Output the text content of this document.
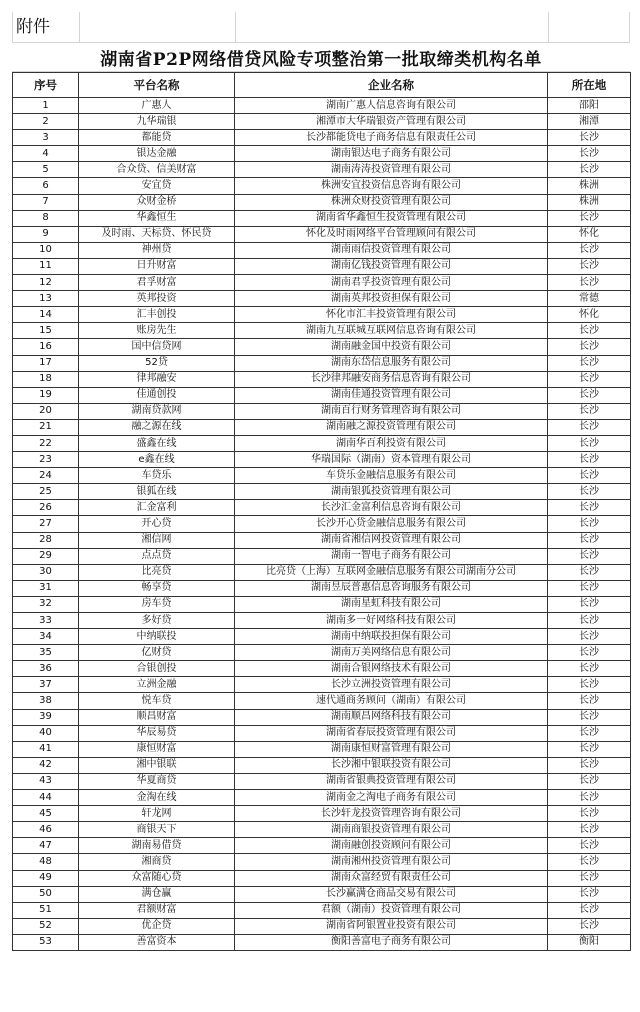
附件
湖南省P2P网络借贷风险专项整治第一批取缔类机构名单
序号	平台名称	企业名称	所在地
1	广惠人	湖南广惠人信息咨询有限公司	邵阳
2	九华瑞银	湘潭市大华瑞银资产管理有限公司	湘潭
3	都能贷	长沙都能贷电子商务信息有限责任公司	长沙
4	银达金融	湖南银达电子商务有限公司	长沙
5	合众贷、信美财富	湖南涛涛投资管理有限公司	长沙
6	安宜贷	株洲安宜投资信息咨询有限公司	株洲
7	众财金桥	株洲众财投资管理有限公司	株洲
8	华鑫恒生	湖南省华鑫恒生投资管理有限公司	长沙
9	及时雨、天标贷、怀民贷	怀化及时雨网络平台管理顾问有限公司	怀化
10	神州贷	湖南雨信投资管理有限公司	长沙
11	日升财富	湖南亿钱投资管理有限公司	长沙
12	君孚财富	湖南君孚投资管理有限公司	长沙
13	英邦投资	湖南英邦投资担保有限公司	常德
14	汇丰创投	怀化市汇丰投资管理有限公司	怀化
15	账房先生	湖南九互联城互联网信息咨询有限公司	长沙
16	国中信贷网	湖南融金国中投资有限公司	长沙
17	52贷	湖南东岱信息服务有限公司	长沙
18	律邦融安	长沙律邦融安商务信息咨询有限公司	长沙
19	佳通创投	湖南佳通投资管理有限公司	长沙
20	湖南贷款网	湖南百行财务管理咨询有限公司	长沙
21	融之源在线	湖南融之源投资管理有限公司	长沙
22	盛鑫在线	湖南华百利投资有限公司	长沙
23	e鑫在线	华瑞国际（湖南）资本管理有限公司	长沙
24	车贷乐	车贷乐金融信息服务有限公司	长沙
25	银狐在线	湖南银狐投资管理有限公司	长沙
26	汇金富利	长沙汇金富利信息咨询有限公司	长沙
27	开心贷	长沙开心贷金融信息服务有限公司	长沙
28	湘信网	湖南省湘信网投资管理有限公司	长沙
29	点点贷	湖南一智电子商务有限公司	长沙
30	比亮贷	比亮贷（上海）互联网金融信息服务有限公司湖南分公司	长沙
31	畅享贷	湖南昱辰普惠信息咨询服务有限公司	长沙
32	房车贷	湖南星虹科技有限公司	长沙
33	多好贷	湖南多一好网络科技有限公司	长沙
34	中纳联投	湖南中纳联投担保有限公司	长沙
35	亿财贷	湖南万美网络信息有限公司	长沙
36	合银创投	湖南合银网络技术有限公司	长沙
37	立洲金融	长沙立洲投资管理有限公司	长沙
38	悦车贷	速代通商务顾问（湖南）有限公司	长沙
39	顺昌财富	湖南顺昌网络科技有限公司	长沙
40	华辰易贷	湖南省春辰投资管理有限公司	长沙
41	康恒财富	湖南康恒财富管理有限公司	长沙
42	湘中银联	长沙湘中银联投资有限公司	长沙
43	华夏商贷	湖南省银典投资管理有限公司	长沙
44	金淘在线	湖南金之淘电子商务有限公司	长沙
45	轩龙网	长沙轩龙投资管理咨询有限公司	长沙
46	商银天下	湖南商银投资管理有限公司	长沙
47	湖南易借贷	湖南融创投资顾问有限公司	长沙
48	湘商贷	湖南湘州投资管理有限公司	长沙
49	众富随心贷	湖南众富经贸有限责任公司	长沙
50	满仓赢	长沙赢满仓商品交易有限公司	长沙
51	君额财富	君额（湖南）投资管理有限公司	长沙
52	优企贷	湖南省阿银置业投资有限公司	长沙
53	善富资本	衡阳善富电子商务有限公司	衡阳
